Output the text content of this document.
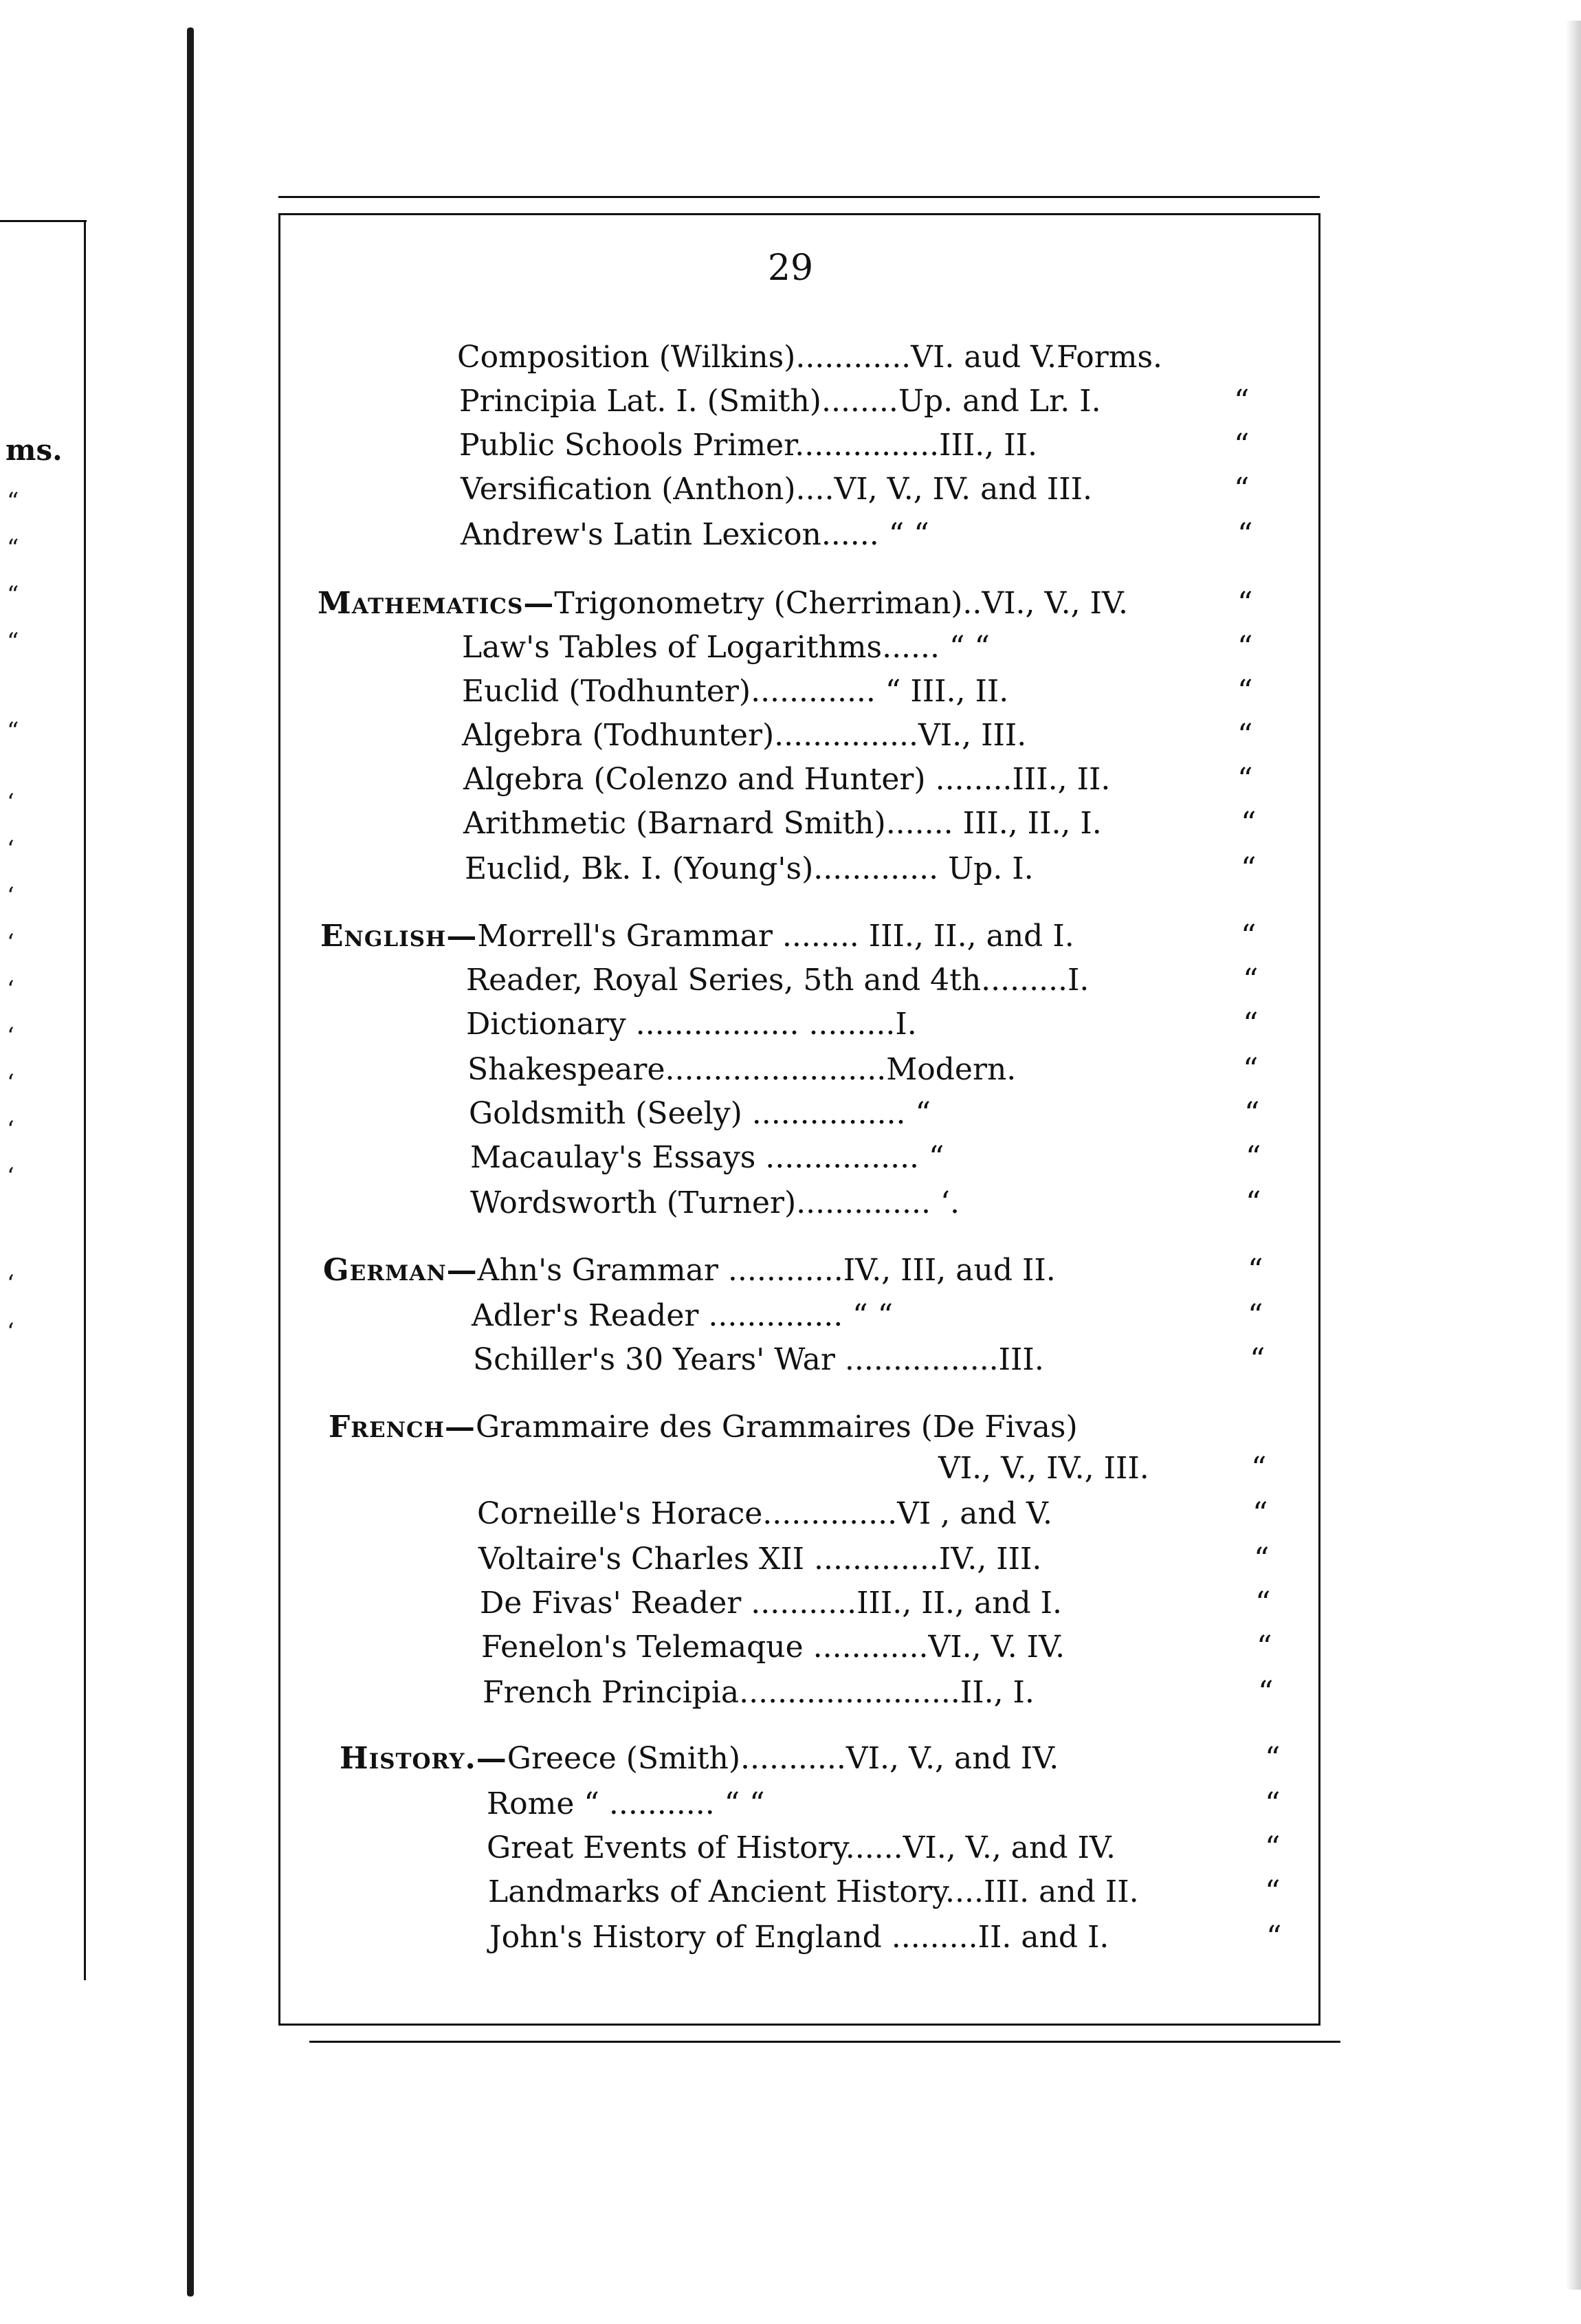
ms.
“
“
“
“
“
‘
‘
‘
‘
‘
‘
‘
‘
‘
‘
‘
29
Composition (Wilkins)............VI. aud V.Forms.
Principia Lat. I. (Smith)........Up. and Lr. I.	“
Public Schools Primer...............III., II.	“
Versification (Anthon)....VI, V., IV. and III.	“
Andrew's Latin Lexicon...... “ “	“
Mathematics—Trigonometry (Cherriman)..VI., V., IV.	“
Law's Tables of Logarithms...... “ “	“
Euclid (Todhunter)............. “ III., II.	“
Algebra (Todhunter)...............VI., III.	“
Algebra (Colenzo and Hunter) ........III., II.	“
Arithmetic (Barnard Smith)....... III., II., I.	“
Euclid, Bk. I. (Young's)............. Up. I.	“
English—Morrell's Grammar ........ III., II., and I.	“
Reader, Royal Series, 5th and 4th.........I.	“
Dictionary ................. .........I.	“
Shakespeare.......................Modern.	“
Goldsmith (Seely) ................ “	“
Macaulay's Essays ................ “	“
Wordsworth (Turner).............. ‘.	“
German—Ahn's Grammar ............IV., III, aud II.	“
Adler's Reader .............. “ “	“
Schiller's 30 Years' War ................III.	“
French—Grammaire des Grammaires (De Fivas)
VI., V., IV., III.	“
Corneille's Horace..............VI , and V.	“
Voltaire's Charles XII .............IV., III.	“
De Fivas' Reader ...........III., II., and I.	“
Fenelon's Telemaque ............VI., V. IV.	“
French Principia.......................II., I.	“
History.—Greece (Smith)...........VI., V., and IV.	“
Rome “ ........... “ “	“
Great Events of History......VI., V., and IV.	“
Landmarks of Ancient History....III. and II.	“
John's History of England .........II. and I.	“
